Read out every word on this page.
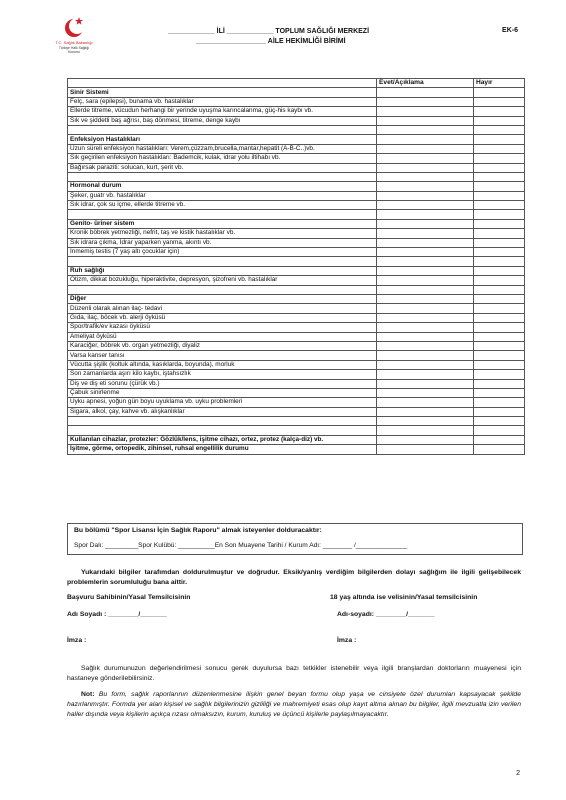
T.C. Sağlık Bakanlığı
Türkiye Halk Sağlığı Kurumu
____________ İLİ ____________ TOPLUM SAĞLIĞI MERKEZİ
__________________ AİLE HEKİMLİĞİ BİRİMİ
EK-6
	Evet/Açıklama	Hayır
Sinir Sistemi		
Felç, sara (epilepsi), bunama vb. hastalıklar		
Ellerde titreme, vücudun herhangi bir yerinde uyuşma karıncalanma, güç-his kaybı vb.		
Sık ve şiddetli baş ağrısı, baş dönmesi, titreme, denge kaybı		

Enfeksiyon Hastalıkları		
Uzun süreli enfeksiyon hastalıkları: Verem,çüzzam,brucella,mantar,hepatit (A-B-C..)vb.		
Sık geçirilen enfeksiyon hastalıkları: Bademcik, kulak, idrar yolu iltihabı vb.		
Bağırsak paraziti: solucan, kurt, şerit vb.		

Hormonal durum		
Şeker, guatr vb. hastalıklar		
Sık idrar, çok su içme, ellerde titreme vb.		

Genito- üriner sistem		
Kronik böbrek yetmezliği, nefrit, taş ve kistik hastalıklar vb.		
Sık idrara çıkma, İdrar yaparken yanma, akıntı vb.		
İnmemiş testis (7 yaş altı çocuklar için)		

Ruh sağlığı		
Otizm, dikkat bozukluğu, hiperaktivite, depresyon, şizofreni vb. hastalıklar		

Diğer		
Düzenli olarak alınan ilaç- tedavi		
Gıda, ilaç, böcek vb. alerji öyküsü		
Spor/trafik/ev kazası öyküsü		
Ameliyat öyküsü		
Karaciğer, böbrek vb. organ yetmezliği, diyaliz		
Varsa kanser tanısı		
Vücutta şişlik (koltuk altında, kasıklarda, boyunda), morluk		
Son zamanlarda aşırı kilo kaybı, iştahsızlık		
Diş ve diş eti sorunu (çürük vb.)		
Çabuk sinirlenme		
Uyku apnesi, yoğun gün boyu uyuklama vb. uyku problemleri		
Sigara, alkol, çay, kahve vb. alışkanlıklar		

Kullanılan cihazlar, protezler: Gözlük/lens, işitme cihazı, ortez, protez (kalça-diz) vb.		
İşitme, görme, ortopedik, zihinsel, ruhsal engellilik durumu		
Bu bölümü "Spor Lisansı İçin Sağlık Raporu" almak isteyenler dolduracaktır:
Spor Dalı: _________Spor Kulübü: __________En Son Muayene Tarihi / Kurum Adı: ________ /______________
Yukarıdaki bilgiler tarafımdan doldurulmuştur ve doğrudur. Eksik/yanlış verdiğim bilgilerden dolayı sağlığım ile ilgili gelişebilecek problemlerin sorumluluğu bana aittir.
Başvuru Sahibinin/Yasal Temsilcisinin	18 yaş altında ise velisinin/Yasal temsilcisinin
Adı Soyadı : ________/_______	Adı-soyadı: ________/_______
İmza :	İmza :
Sağlık durumunuzun değerlendirilmesi sonucu gerek duyulursa bazı tetkikler istenebilir veya ilgili branşlardan doktorların muayenesi için hastaneye gönderilebilirsiniz.
Not: Bu form, sağlık raporlarının düzenlenmesine ilişkin genel beyan formu olup yaşa ve cinsiyete özel durumları kapsayacak şekilde hazırlanmıştır. Formda yer alan kişisel ve sağlık bilgilerinizin gizliliği ve mahremiyeti esas olup kayıt altına alınan bu bilgiler, ilgili mevzuatla izin verilen haller dışında veya kişilerin açıkça rızası olmaksızın, kurum, kuruluş ve üçüncü kişilerle paylaşılmayacaktır.
2
